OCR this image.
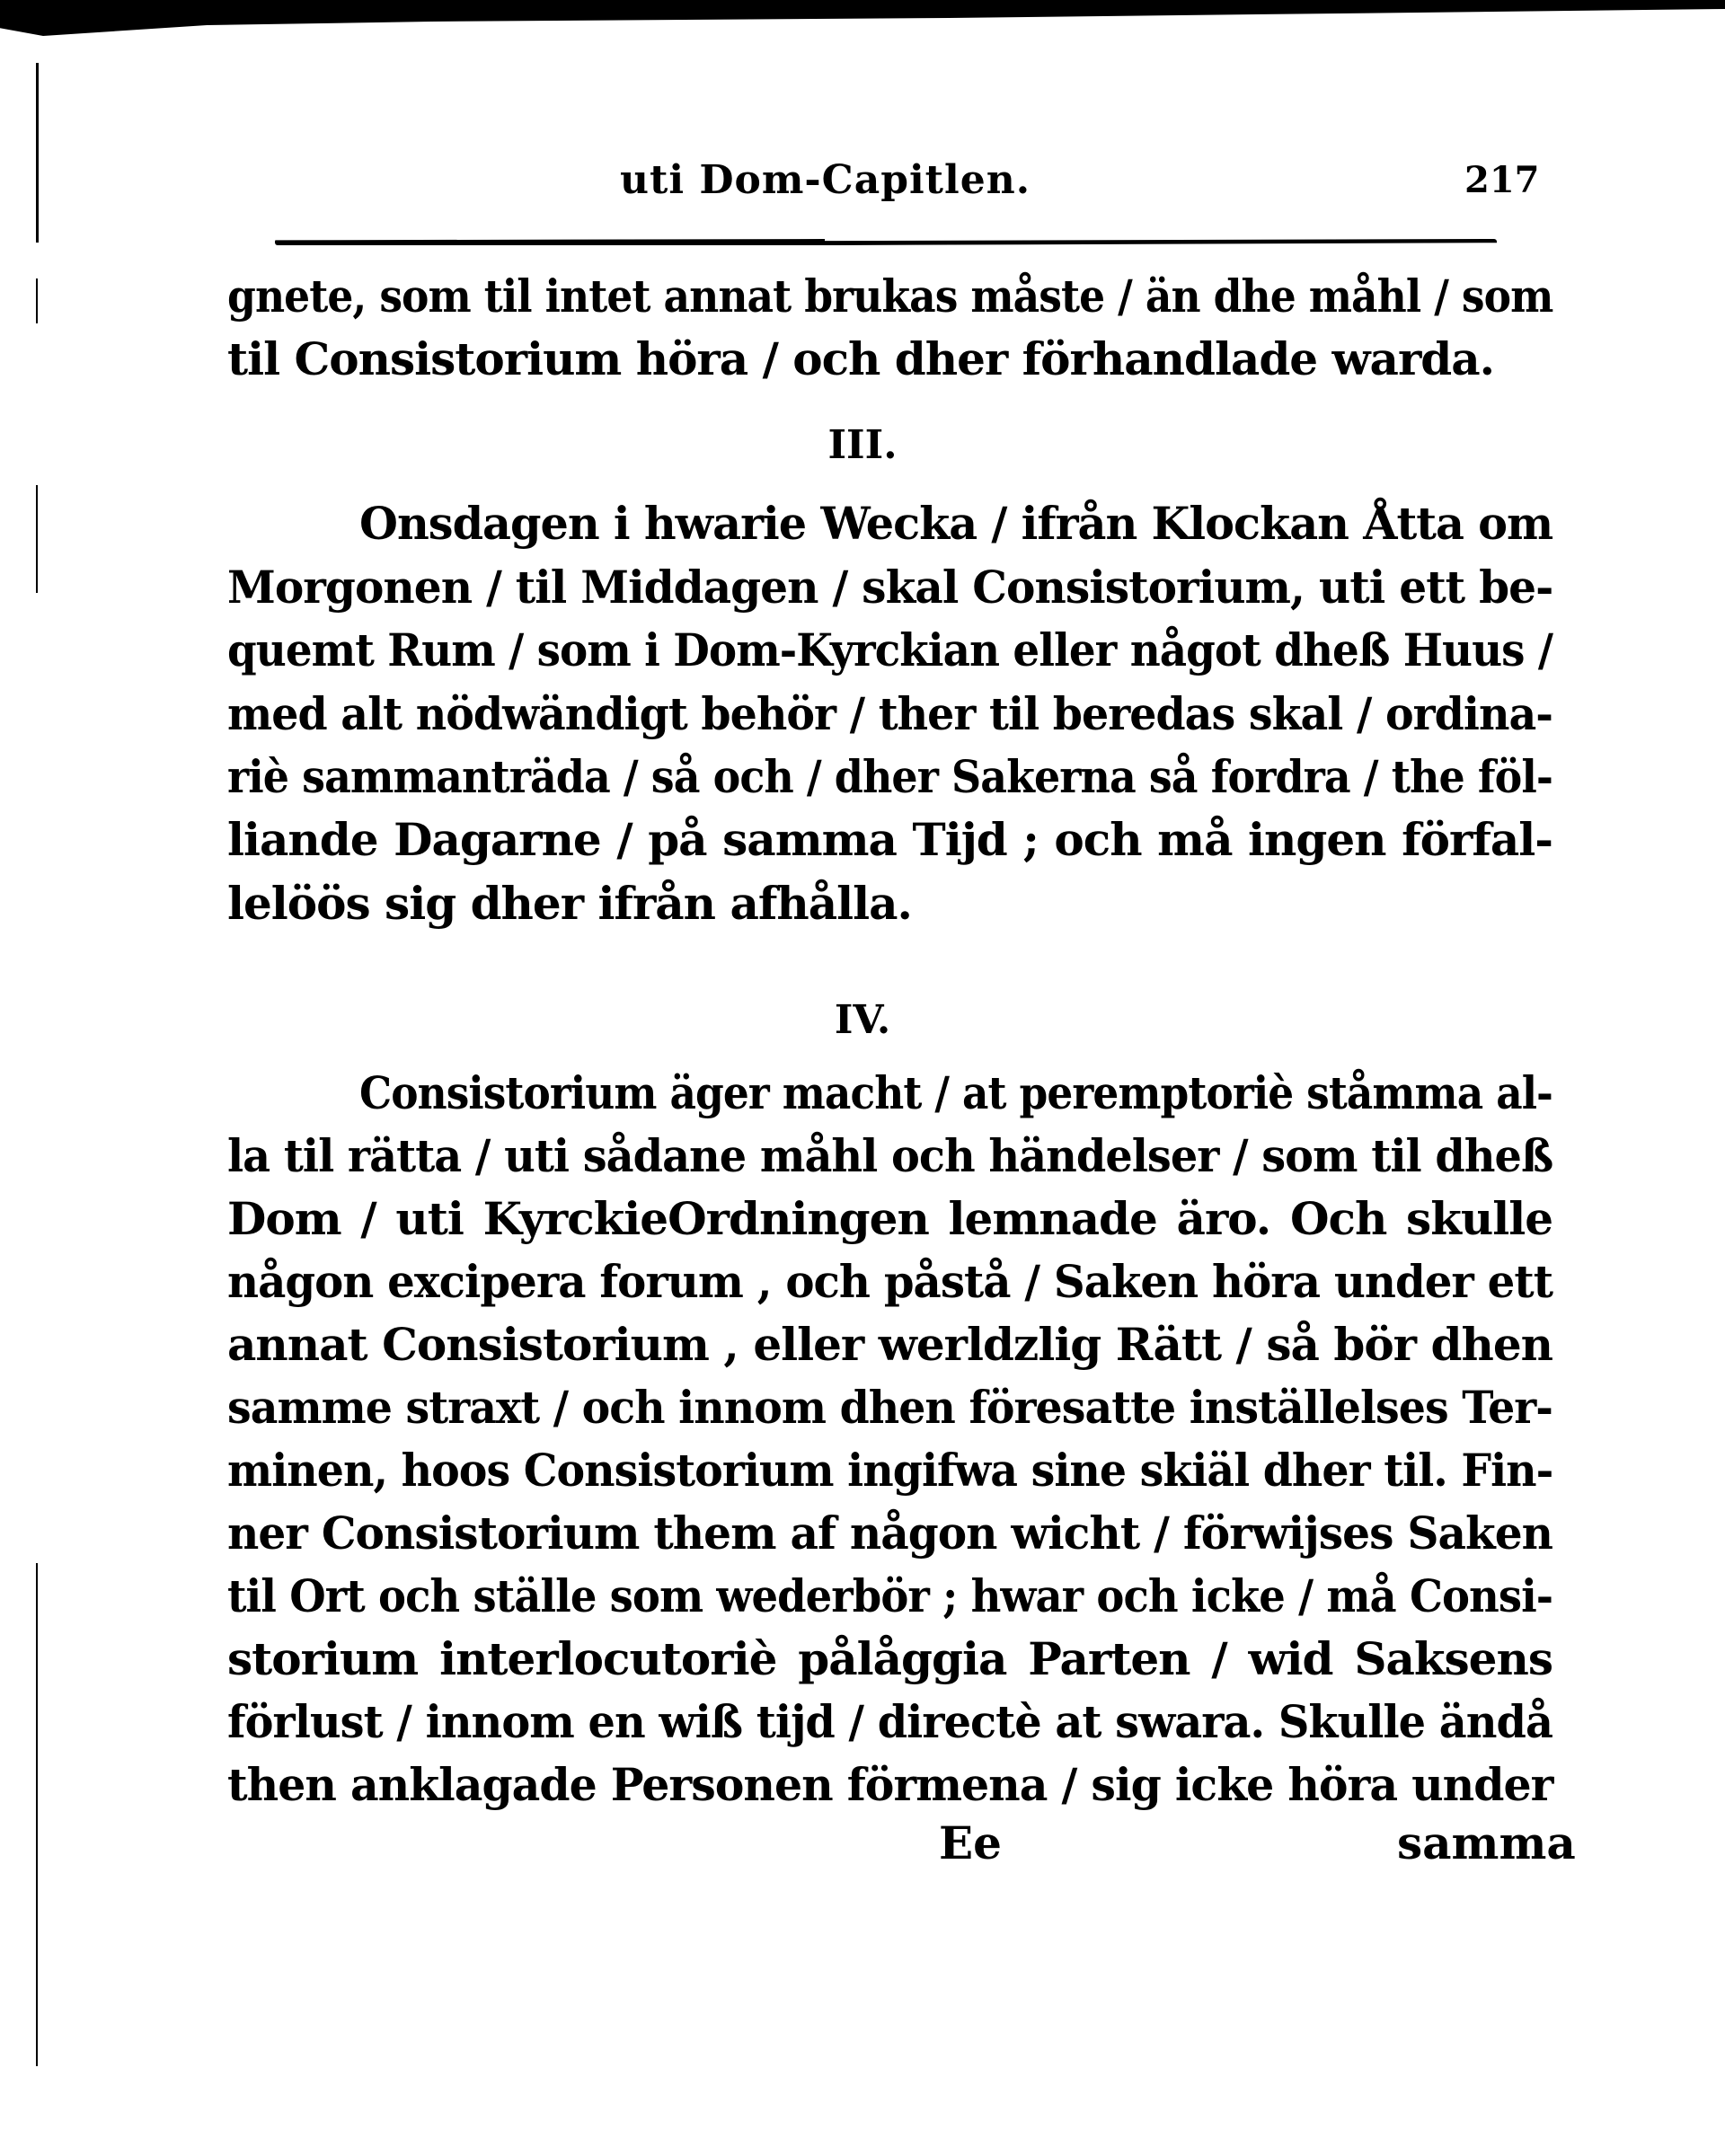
uti Dom-Capitlen.	217
gnete, som til intet annat brukas måste / än dhe måhl / som
til Consistorium höra / och dher förhandlade warda.
III.
Onsdagen i hwarie Wecka / ifrån Klockan Åtta om
Morgonen / til Middagen / skal Consistorium, uti ett be-
quemt Rum / som i Dom-Kyrckian eller något dheß Huus /
med alt nödwändigt behör / ther til beredas skal / ordina-
riè sammanträda / så och / dher Sakerna så fordra / the föl-
liande Dagarne / på samma Tijd ; och må ingen förfal-
lelöös sig dher ifrån afhålla.
IV.
Consistorium äger macht / at peremptoriè ståmma al-
la til rätta / uti sådane måhl och händelser / som til dheß
Dom / uti KyrckieOrdningen lemnade äro. Och skulle
någon excipera forum , och påstå / Saken höra under ett
annat Consistorium , eller werldzlig Rätt / så bör dhen
samme straxt / och innom dhen föresatte inställelses Ter-
minen, hoos Consistorium ingifwa sine skiäl dher til. Fin-
ner Consistorium them af någon wicht / förwijses Saken
til Ort och ställe som wederbör ; hwar och icke / må Consi-
storium interlocutoriè pålåggia Parten / wid Saksens
förlust / innom en wiß tijd / directè at swara. Skulle ändå
then anklagade Personen förmena / sig icke höra under
Ee	samma
